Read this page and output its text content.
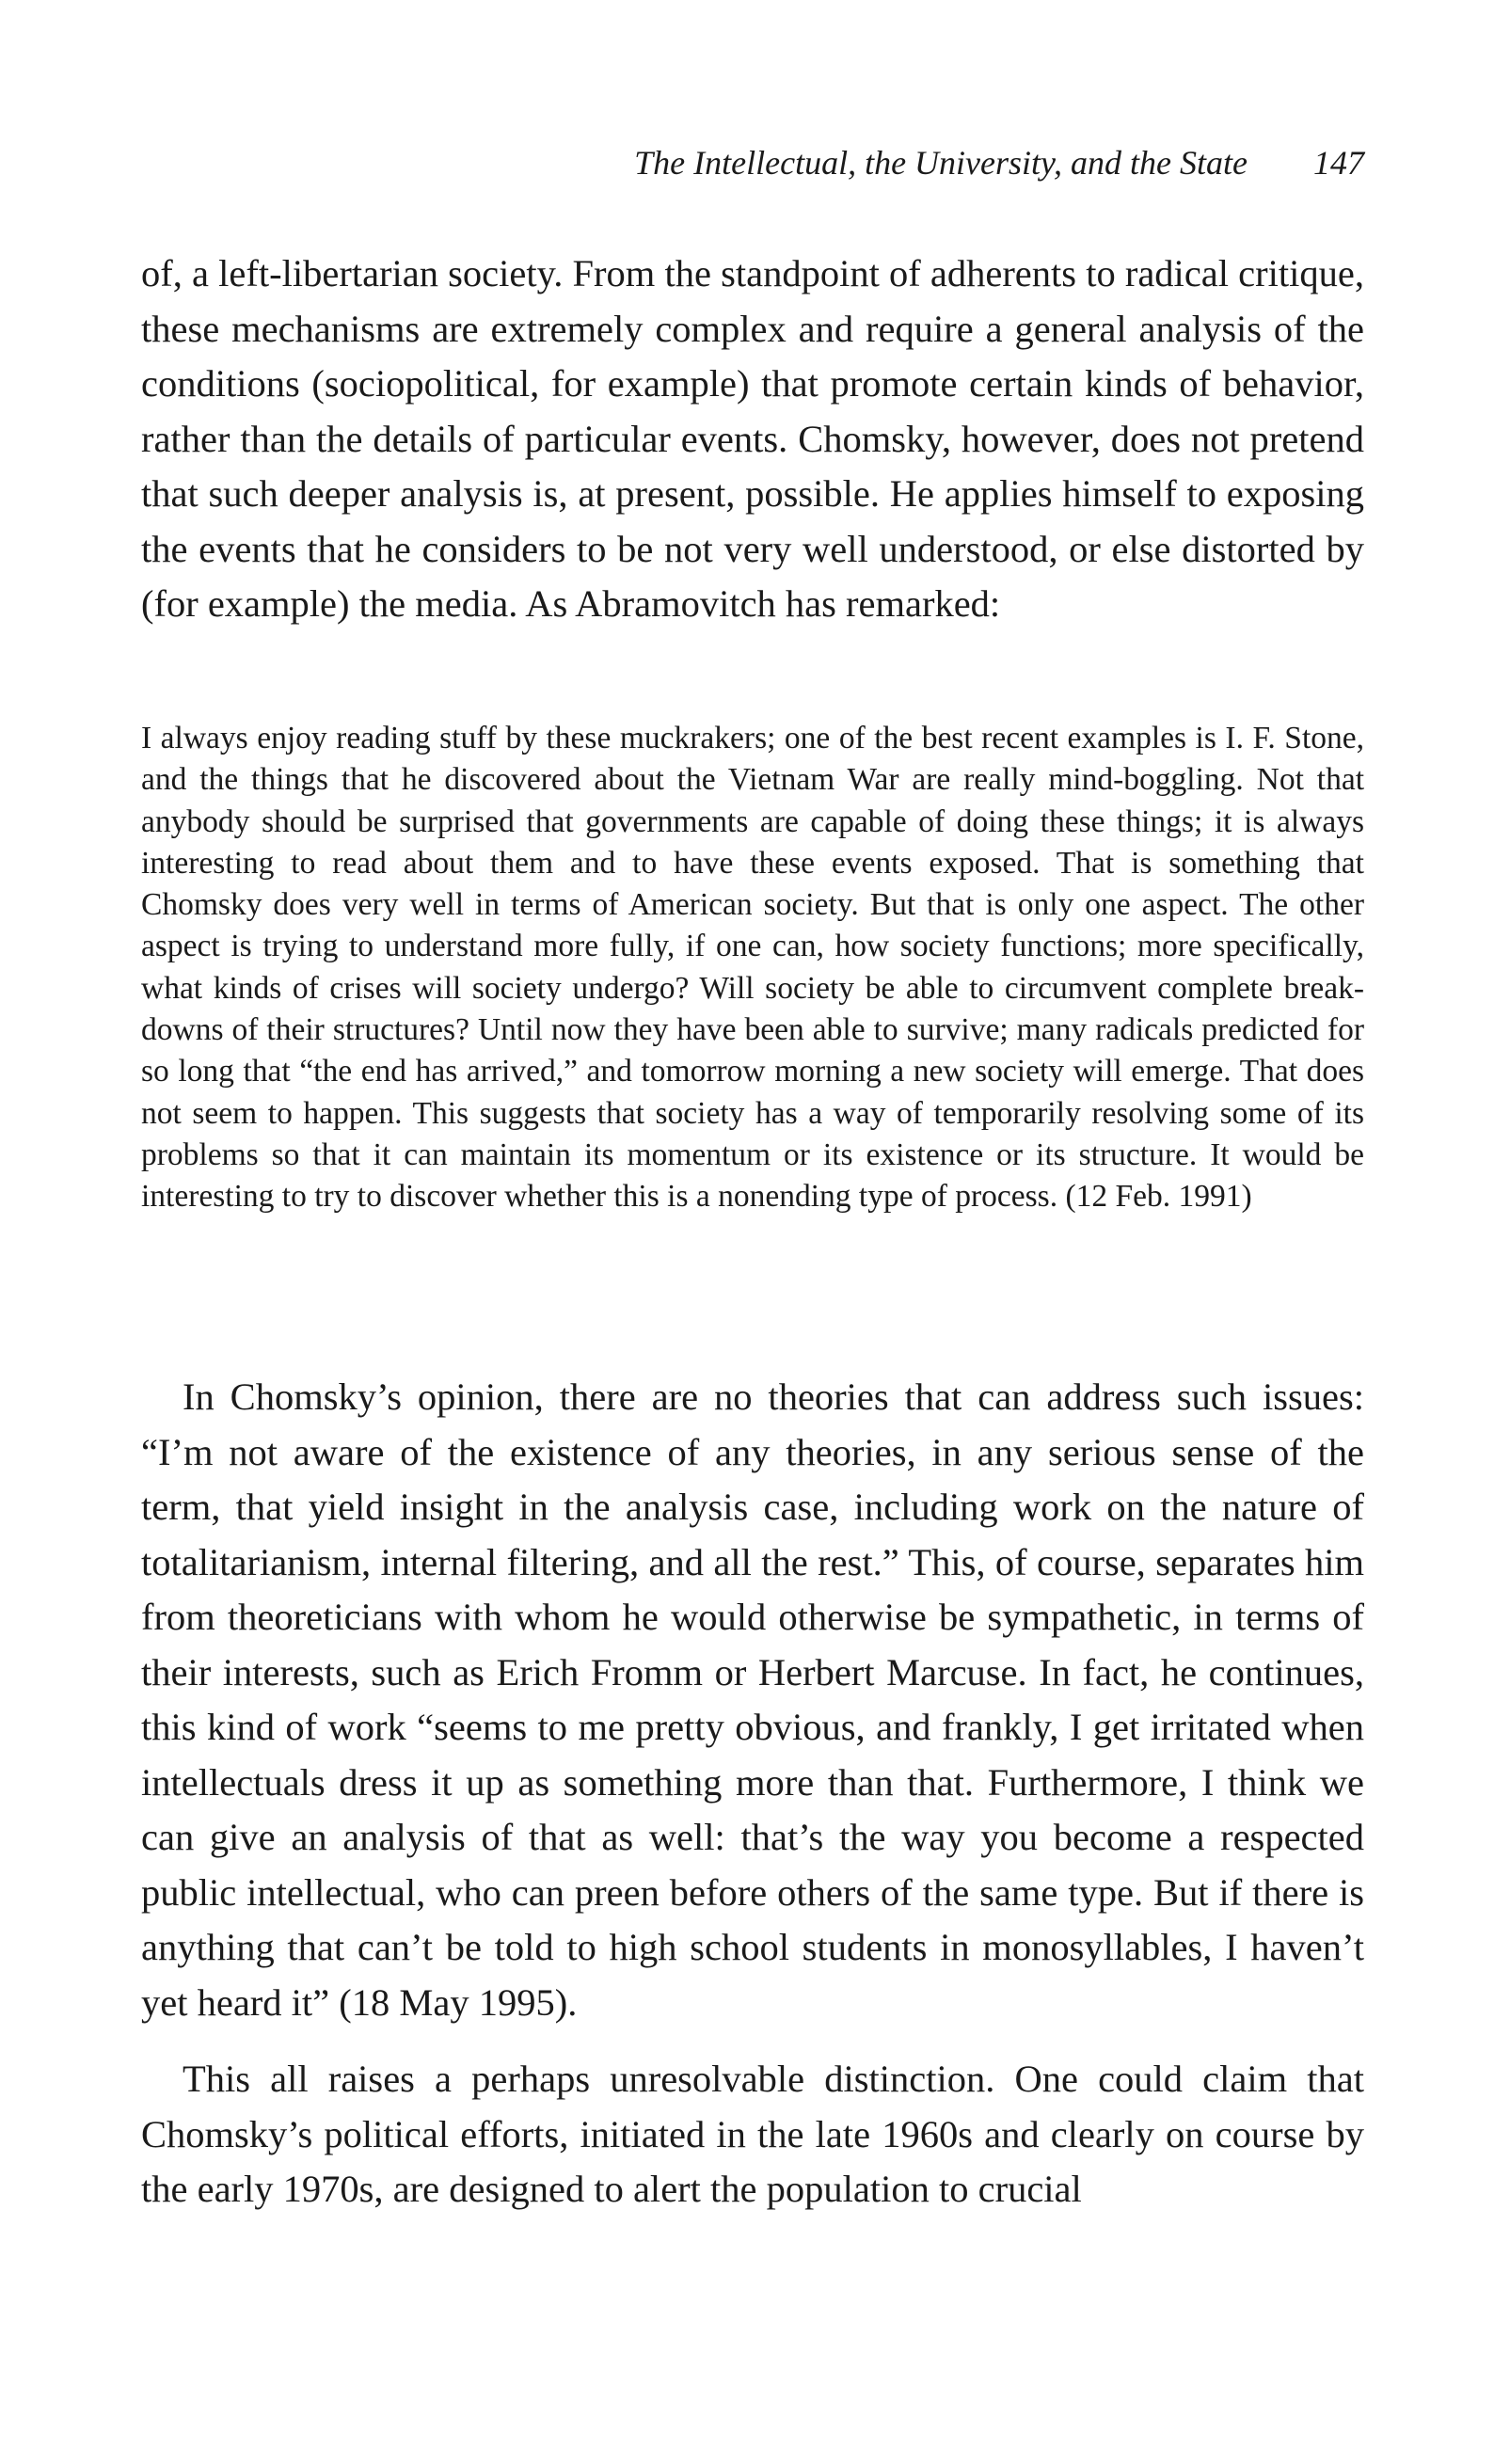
The Intellectual, the University, and the State 147

of, a left-libertarian society. From the standpoint of adherents to radical critique, these mechanisms are extremely complex and require a general analysis of the conditions (sociopolitical, for example) that promote certain kinds of behavior, rather than the details of particular events. Chomsky, however, does not pretend that such deeper analysis is, at present, possible. He applies himself to exposing the events that he considers to be not very well understood, or else distorted by (for example) the media. As Abramovitch has remarked:

I always enjoy reading stuff by these muckrakers; one of the best recent examples is I. F. Stone, and the things that he discovered about the Vietnam War are really mind-boggling. Not that anybody should be surprised that governments are capable of doing these things; it is always interesting to read about them and to have these events exposed. That is something that Chomsky does very well in terms of American society. But that is only one aspect. The other aspect is trying to understand more fully, if one can, how society functions; more specifically, what kinds of crises will society undergo? Will society be able to circumvent complete breakdowns of their structures? Until now they have been able to survive; many radicals predicted for so long that “the end has arrived,” and tomorrow morning a new society will emerge. That does not seem to happen. This suggests that society has a way of temporarily resolving some of its problems so that it can maintain its momentum or its existence or its structure. It would be interesting to try to discover whether this is a nonending type of process. (12 Feb. 1991)

In Chomsky’s opinion, there are no theories that can address such issues: “I’m not aware of the existence of any theories, in any serious sense of the term, that yield insight in the analysis case, including work on the nature of totalitarianism, internal filtering, and all the rest.” This, of course, separates him from theoreticians with whom he would otherwise be sympathetic, in terms of their interests, such as Erich Fromm or Herbert Marcuse. In fact, he continues, this kind of work “seems to me pretty obvious, and frankly, I get irritated when intellectuals dress it up as something more than that. Furthermore, I think we can give an analysis of that as well: that’s the way you become a respected public intellectual, who can preen before others of the same type. But if there is anything that can’t be told to high school students in monosyllables, I haven’t yet heard it” (18 May 1995).

This all raises a perhaps unresolvable distinction. One could claim that Chomsky’s political efforts, initiated in the late 1960s and clearly on course by the early 1970s, are designed to alert the population to crucial
